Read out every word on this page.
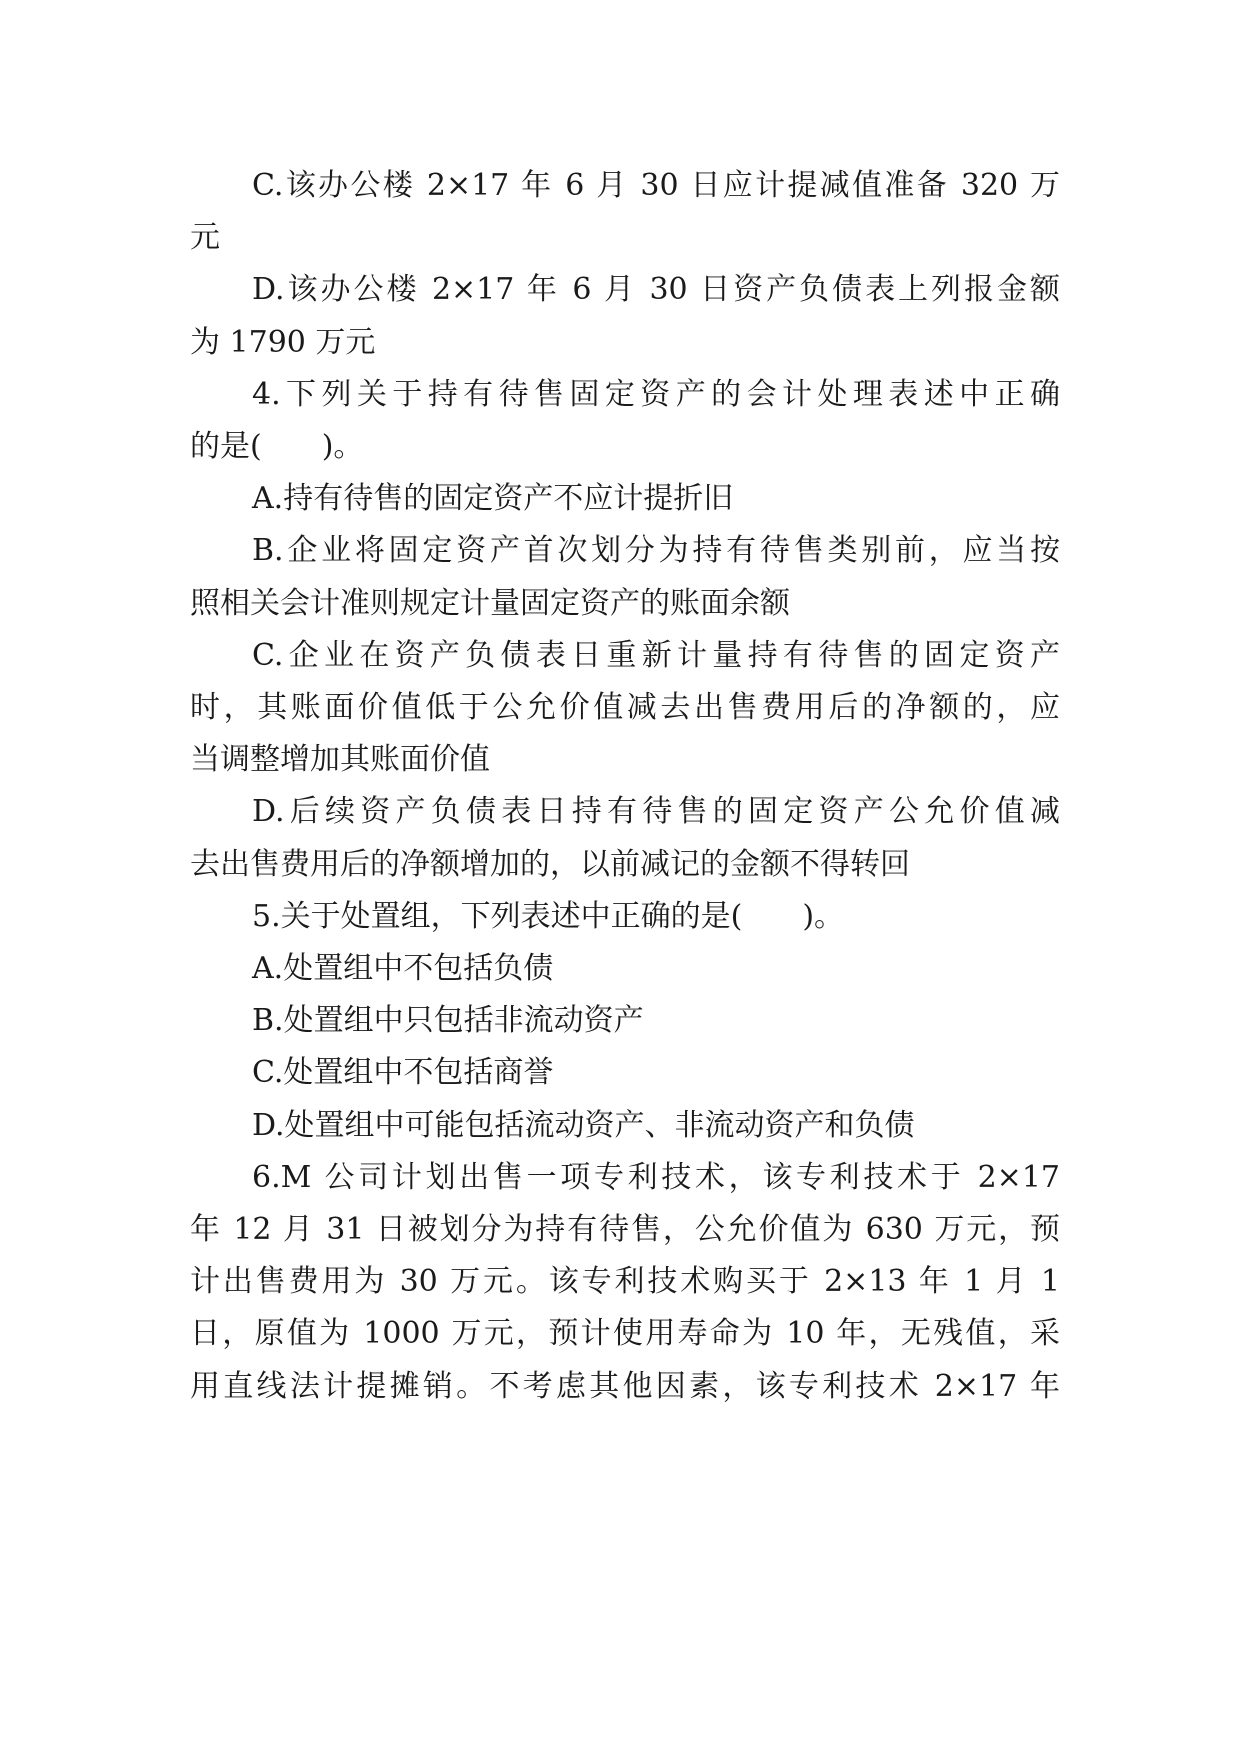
C.该办公楼 2×17 年 6 月 30 日应计提减值准备 320 万
元
D.该办公楼 2×17 年 6 月 30 日资产负债表上列报金额
为 1790 万元
4.下列关于持有待售固定资产的会计处理表述中正确
的是(　　)。
A.持有待售的固定资产不应计提折旧
B.企业将固定资产首次划分为持有待售类别前，应当按
照相关会计准则规定计量固定资产的账面余额
C.企业在资产负债表日重新计量持有待售的固定资产
时，其账面价值低于公允价值减去出售费用后的净额的，应
当调整增加其账面价值
D.后续资产负债表日持有待售的固定资产公允价值减
去出售费用后的净额增加的，以前减记的金额不得转回
5.关于处置组，下列表述中正确的是(　　)。
A.处置组中不包括负债
B.处置组中只包括非流动资产
C.处置组中不包括商誉
D.处置组中可能包括流动资产、非流动资产和负债
6.M 公司计划出售一项专利技术，该专利技术于 2×17
年 12 月 31 日被划分为持有待售，公允价值为 630 万元，预
计出售费用为 30 万元。该专利技术购买于 2×13 年 1 月 1
日，原值为 1000 万元，预计使用寿命为 10 年，无残值，采
用直线法计提摊销。不考虑其他因素，该专利技术 2×17 年
